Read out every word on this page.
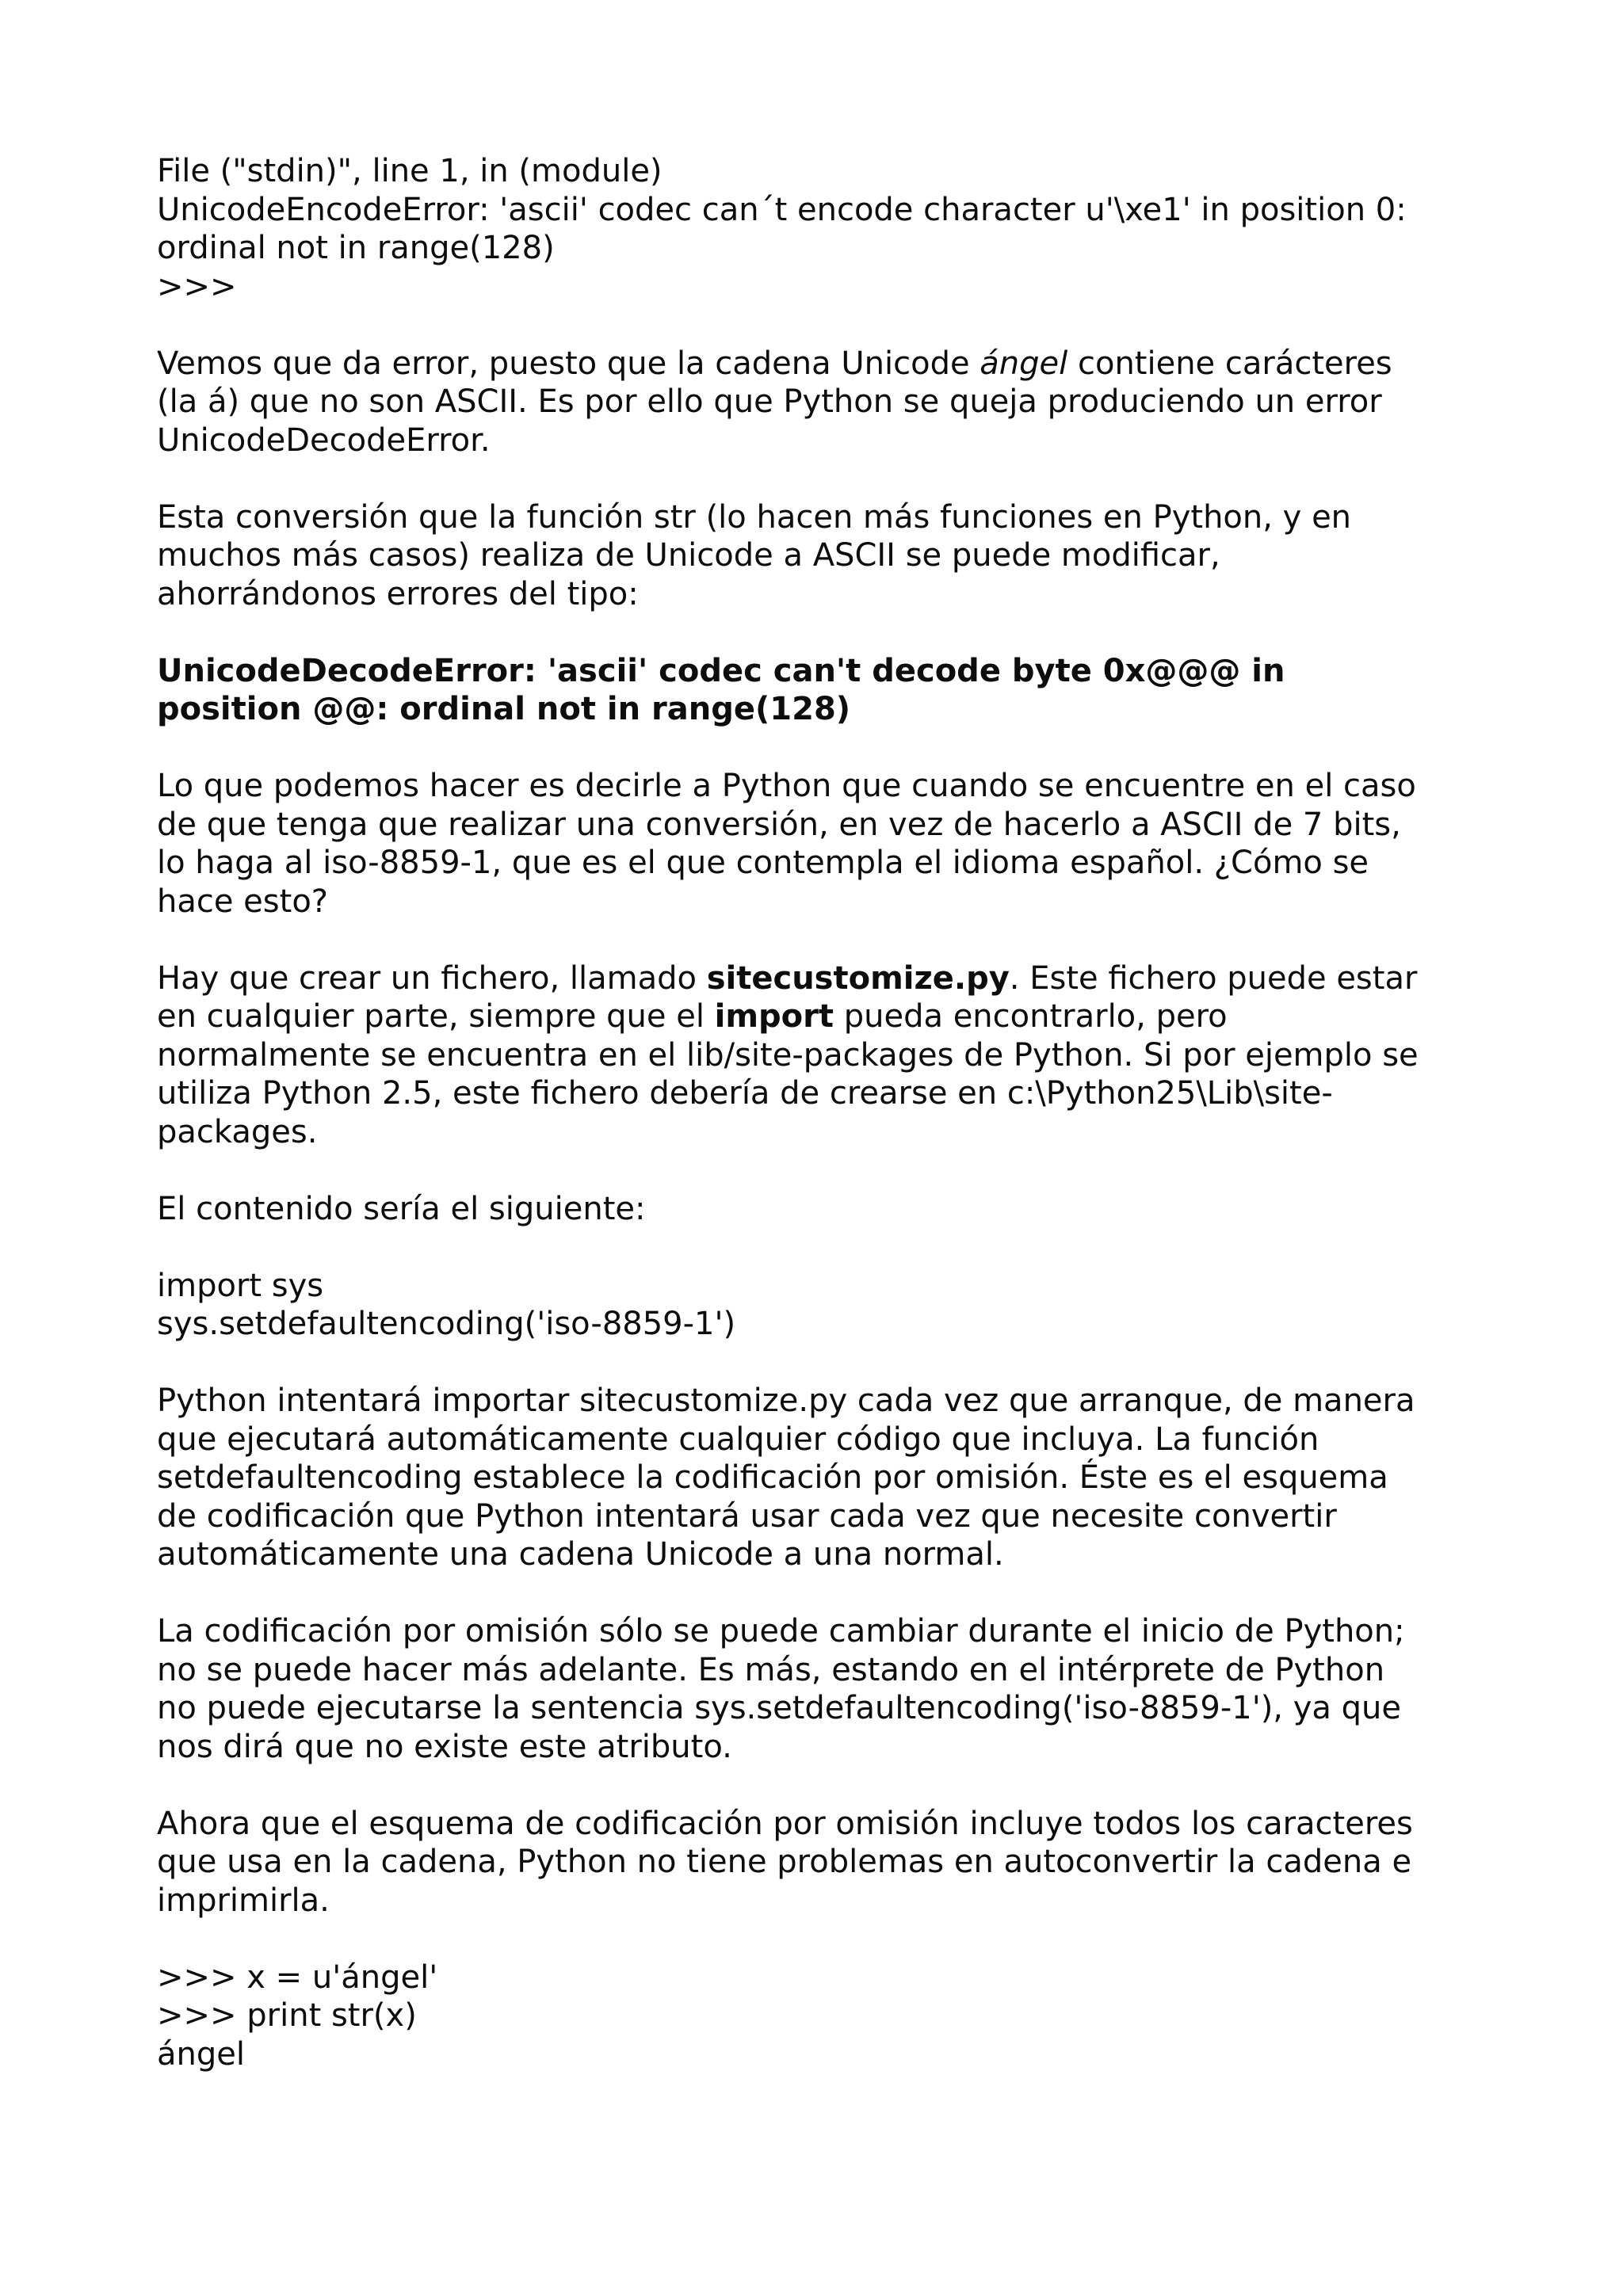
File ("stdin)", line 1, in (module)
UnicodeEncodeError: 'ascii' codec can´t encode character u'\xe1' in position 0:
ordinal not in range(128)
>>>
Vemos que da error, puesto que la cadena Unicode ángel contiene carácteres
(la á) que no son ASCII. Es por ello que Python se queja produciendo un error
UnicodeDecodeError.
Esta conversión que la función str (lo hacen más funciones en Python, y en
muchos más casos) realiza de Unicode a ASCII se puede modificar,
ahorrándonos errores del tipo:
UnicodeDecodeError: 'ascii' codec can't decode byte 0x@@@ in
position @@: ordinal not in range(128)
Lo que podemos hacer es decirle a Python que cuando se encuentre en el caso
de que tenga que realizar una conversión, en vez de hacerlo a ASCII de 7 bits,
lo haga al iso-8859-1, que es el que contempla el idioma español. ¿Cómo se
hace esto?
Hay que crear un fichero, llamado sitecustomize.py. Este fichero puede estar
en cualquier parte, siempre que el import pueda encontrarlo, pero
normalmente se encuentra en el lib/site-packages de Python. Si por ejemplo se
utiliza Python 2.5, este fichero debería de crearse en c:\Python25\Lib\site-
packages.
El contenido sería el siguiente:
import sys
sys.setdefaultencoding('iso-8859-1')
Python intentará importar sitecustomize.py cada vez que arranque, de manera
que ejecutará automáticamente cualquier código que incluya. La función
setdefaultencoding establece la codificación por omisión. Éste es el esquema
de codificación que Python intentará usar cada vez que necesite convertir
automáticamente una cadena Unicode a una normal.
La codificación por omisión sólo se puede cambiar durante el inicio de Python;
no se puede hacer más adelante. Es más, estando en el intérprete de Python
no puede ejecutarse la sentencia sys.setdefaultencoding('iso-8859-1'), ya que
nos dirá que no existe este atributo.
Ahora que el esquema de codificación por omisión incluye todos los caracteres
que usa en la cadena, Python no tiene problemas en autoconvertir la cadena e
imprimirla.
>>> x = u'ángel'
>>> print str(x)
ángel
